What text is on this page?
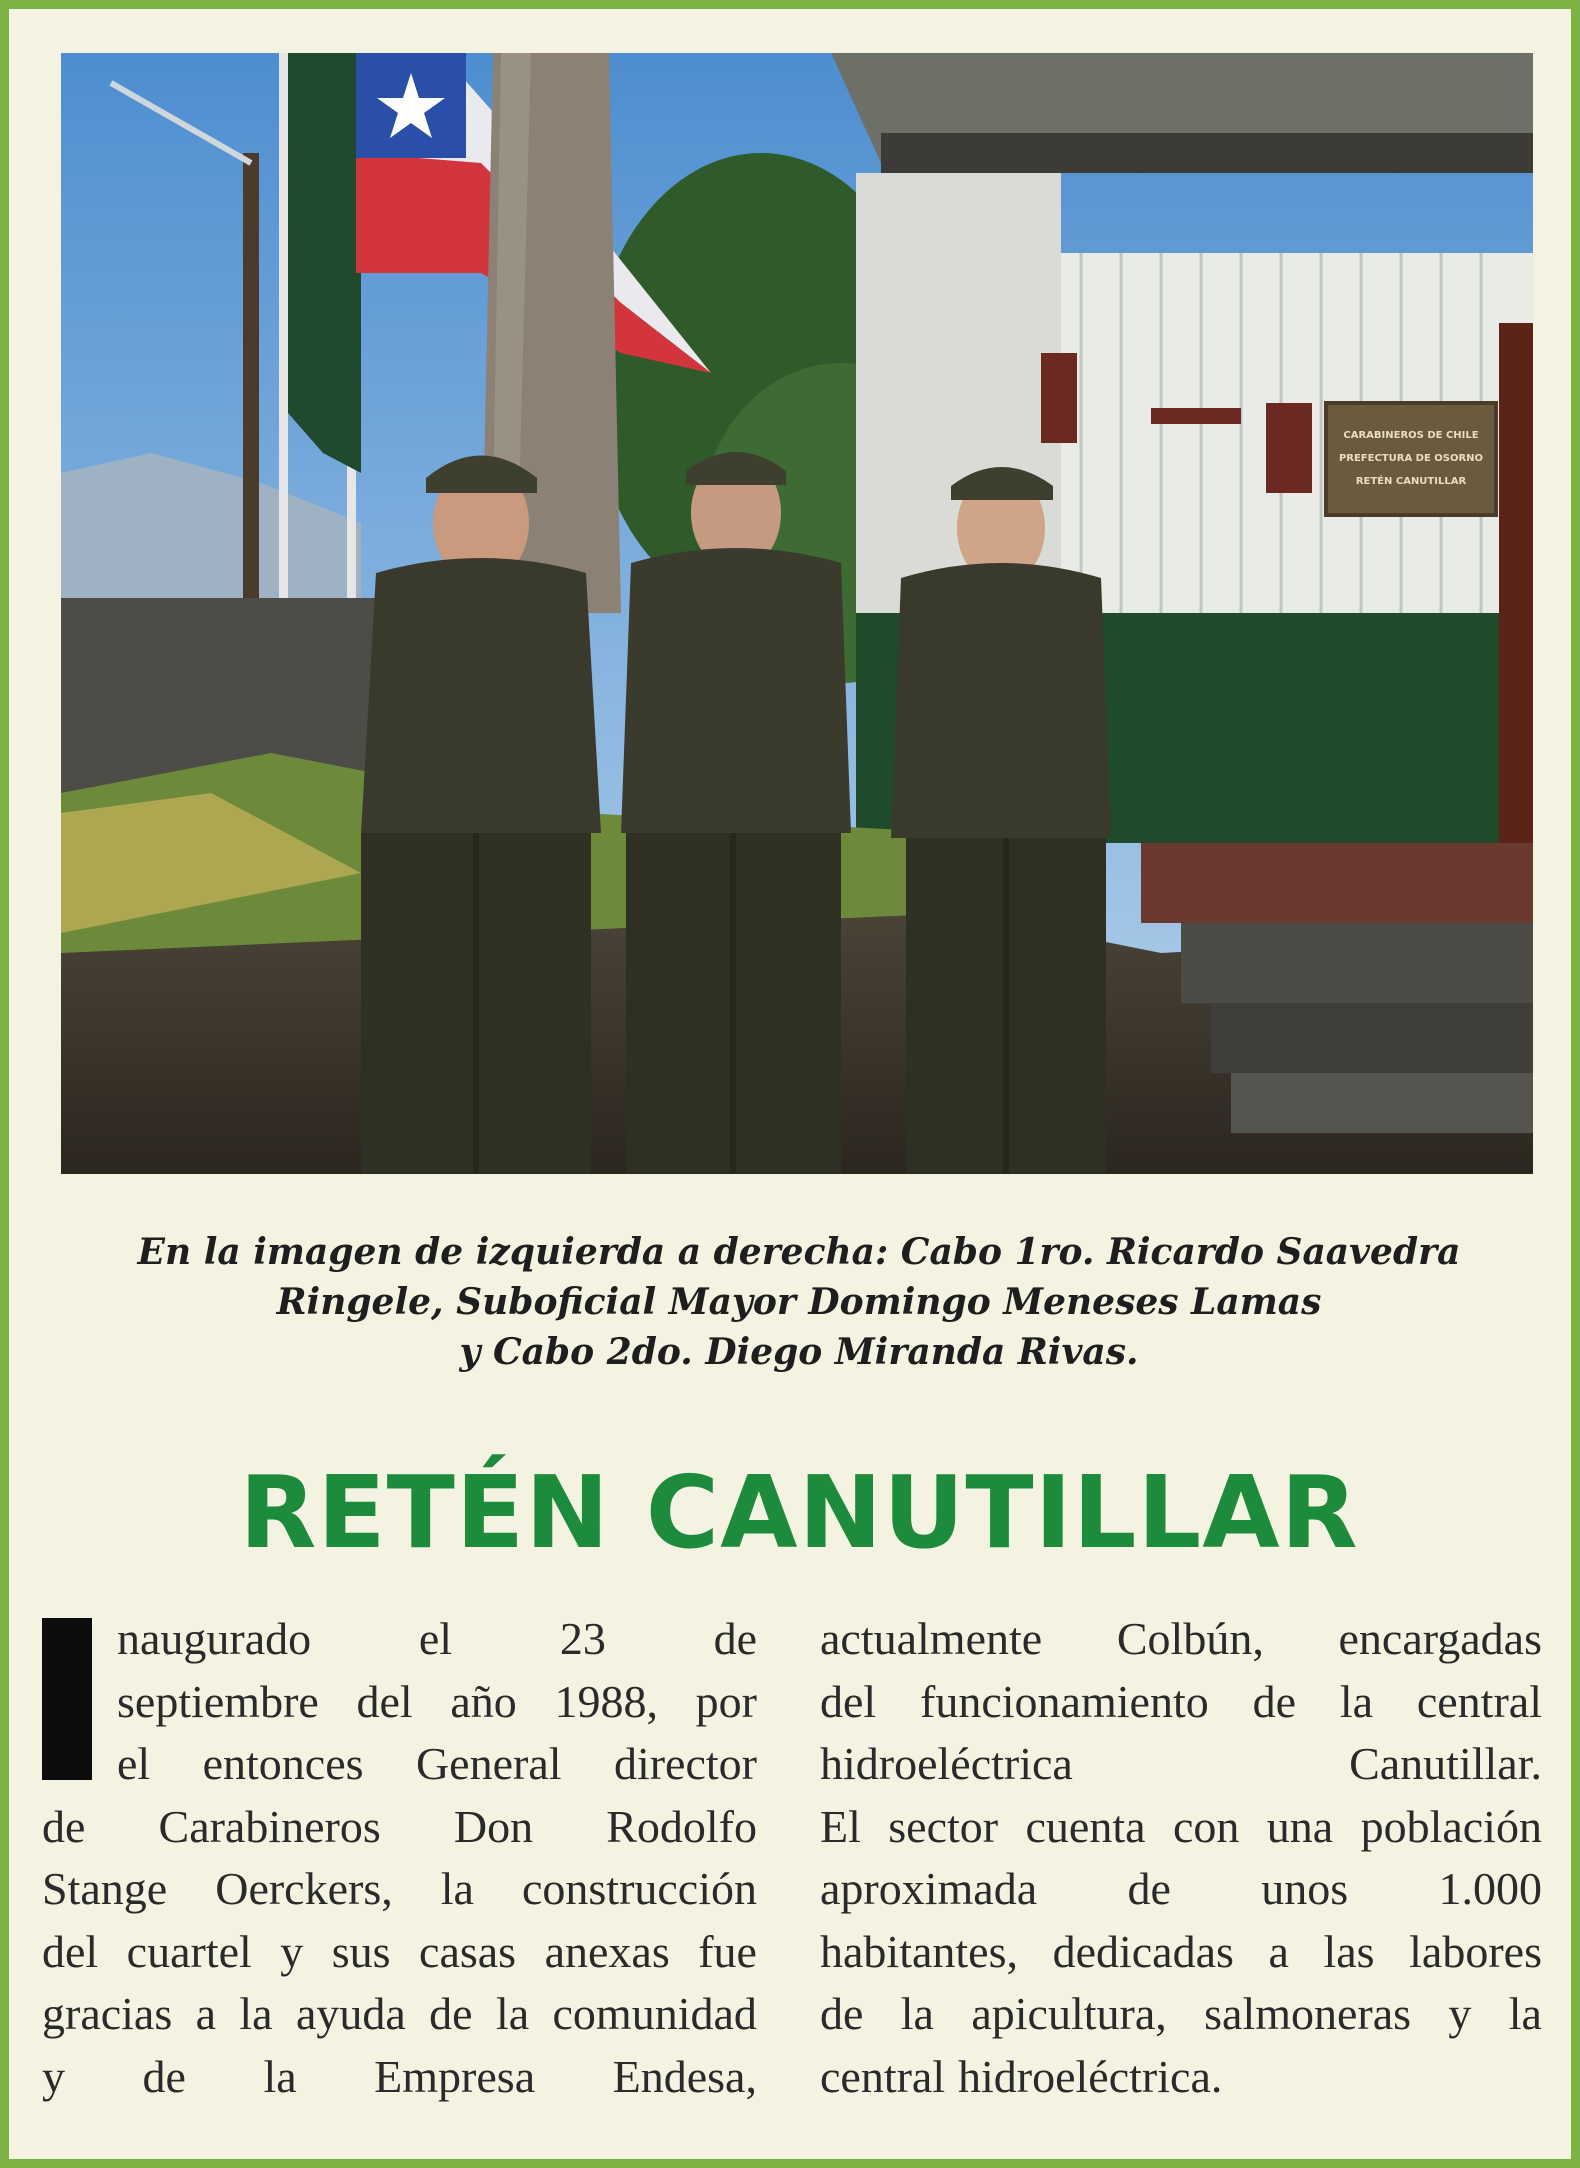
CARABINEROS DE CHILE
PREFECTURA DE OSORNO
RETÉN CANUTILLAR

En la imagen de izquierda a derecha: Cabo 1ro. Ricardo Saavedra
Ringele, Suboficial Mayor Domingo Meneses Lamas
y Cabo 2do. Diego Miranda Rivas.

RETÉN CANUTILLAR
naugurado el 23 de
septiembre del año 1988, por
el entonces General director
de Carabineros Don Rodolfo
Stange Oerckers, la construcción
del cuartel y sus casas anexas fue
gracias a la ayuda de la comunidad
y de la Empresa Endesa,
actualmente Colbún, encargadas
del funcionamiento de la central
hidroeléctrica	Canutillar.
El sector cuenta con una población
aproximada de unos 1.000
habitantes, dedicadas a las labores
de la apicultura, salmoneras y la
central hidroeléctrica.
